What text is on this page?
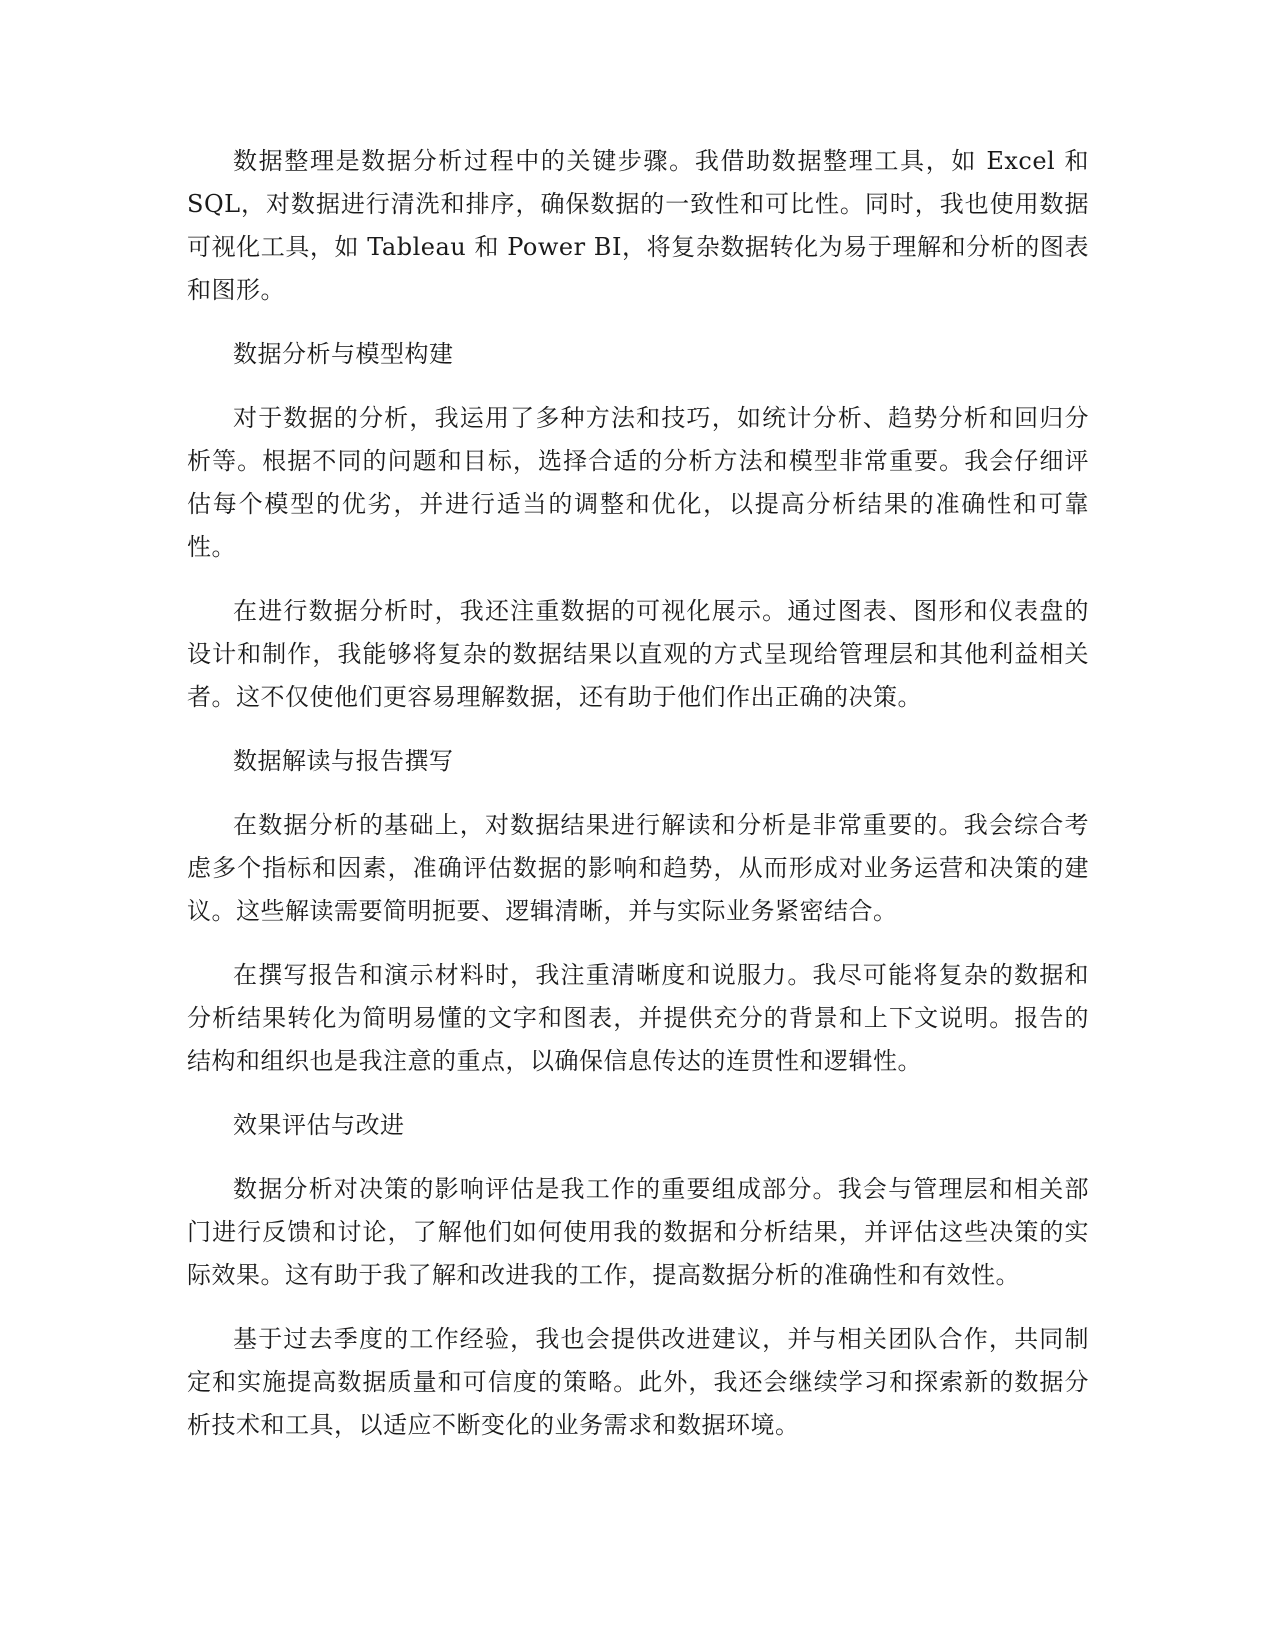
数据整理是数据分析过程中的关键步骤。我借助数据整理工具，如 Excel 和 SQL，对数据进行清洗和排序，确保数据的一致性和可比性。同时，我也使用数据可视化工具，如 Tableau 和 Power BI，将复杂数据转化为易于理解和分析的图表和图形。

数据分析与模型构建

对于数据的分析，我运用了多种方法和技巧，如统计分析、趋势分析和回归分析等。根据不同的问题和目标，选择合适的分析方法和模型非常重要。我会仔细评估每个模型的优劣，并进行适当的调整和优化，以提高分析结果的准确性和可靠性。

在进行数据分析时，我还注重数据的可视化展示。通过图表、图形和仪表盘的设计和制作，我能够将复杂的数据结果以直观的方式呈现给管理层和其他利益相关者。这不仅使他们更容易理解数据，还有助于他们作出正确的决策。

数据解读与报告撰写

在数据分析的基础上，对数据结果进行解读和分析是非常重要的。我会综合考虑多个指标和因素，准确评估数据的影响和趋势，从而形成对业务运营和决策的建议。这些解读需要简明扼要、逻辑清晰，并与实际业务紧密结合。

在撰写报告和演示材料时，我注重清晰度和说服力。我尽可能将复杂的数据和分析结果转化为简明易懂的文字和图表，并提供充分的背景和上下文说明。报告的结构和组织也是我注意的重点，以确保信息传达的连贯性和逻辑性。

效果评估与改进

数据分析对决策的影响评估是我工作的重要组成部分。我会与管理层和相关部门进行反馈和讨论，了解他们如何使用我的数据和分析结果，并评估这些决策的实际效果。这有助于我了解和改进我的工作，提高数据分析的准确性和有效性。

基于过去季度的工作经验，我也会提供改进建议，并与相关团队合作，共同制定和实施提高数据质量和可信度的策略。此外，我还会继续学习和探索新的数据分析技术和工具，以适应不断变化的业务需求和数据环境。
